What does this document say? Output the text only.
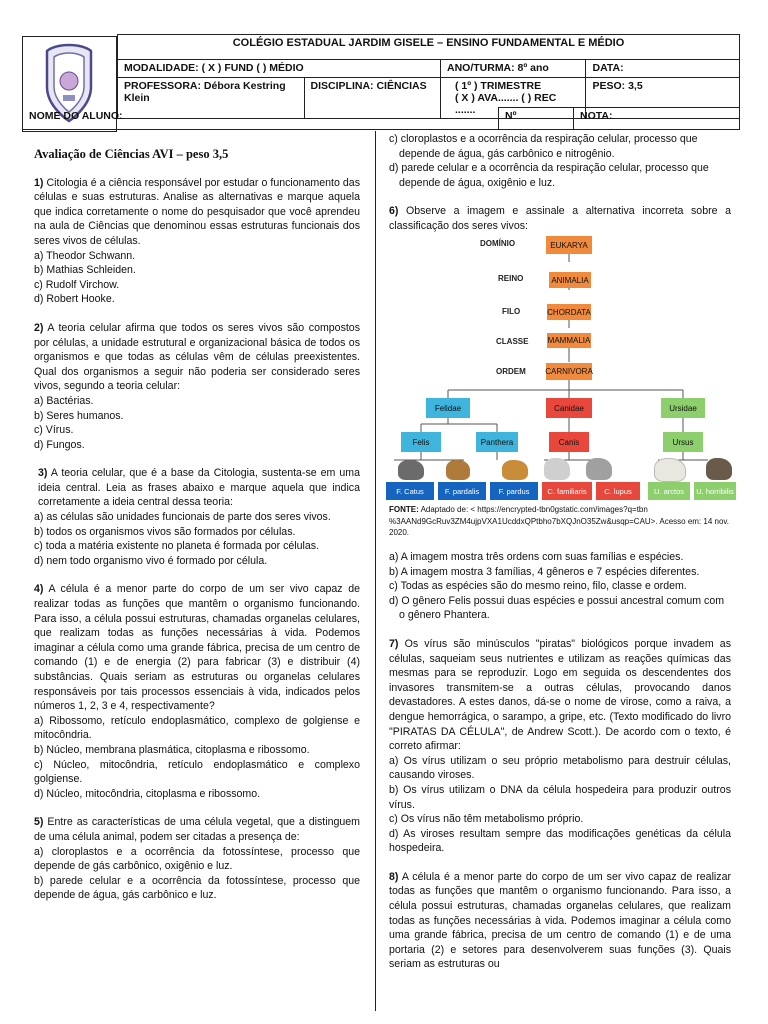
COLÉGIO ESTADUAL JARDIM GISELE – ENSINO FUNDAMENTAL E MÉDIO			
MODALIDADE: ( X ) FUND ( ) MÉDIO		ANO/TURMA: 8º ano	DATA:
PROFESSORA: Débora Kestring Klein	DISCIPLINA: CIÊNCIAS	( 1º ) TRIMESTRE
( X ) AVA....... ( ) REC .......	PESO: 3,5
NOME DO ALUNO:	Nº	NOTA:

Avaliação de Ciências AVI – peso 3,5

1) Citologia é a ciência responsável por estudar o funcionamento das células e suas estruturas. Analise as alternativas e marque aquela que indica corretamente o nome do pesquisador que você aprendeu na aula de Ciências que denominou essas estruturas funcionais dos seres vivos de células.

a) Theodor Schwann.

b) Mathias Schleiden.

c) Rudolf Virchow.

d) Robert Hooke.

2) A teoria celular afirma que todos os seres vivos são compostos por células, a unidade estrutural e organizacional básica de todos os organismos e que todas as células vêm de células preexistentes. Qual dos organismos a seguir não poderia ser considerado seres vivos, segundo a teoria celular:

a) Bactérias.

b) Seres humanos.

c) Vírus.

d) Fungos.

3) A teoria celular, que é a base da Citologia, sustenta-se em uma ideia central. Leia as frases abaixo e marque aquela que indica corretamente a ideia central dessa teoria:

a) as células são unidades funcionais de parte dos seres vivos.

b) todos os organismos vivos são formados por células.

c) toda a matéria existente no planeta é formada por células.

d) nem todo organismo vivo é formado por célula.

4) A célula é a menor parte do corpo de um ser vivo capaz de realizar todas as funções que mantêm o organismo funcionando. Para isso, a célula possui estruturas, chamadas organelas celulares, que realizam todas as funções necessárias à vida. Podemos imaginar a célula como uma grande fábrica, precisa de um centro de comando (1) e de energia (2) para fabricar (3) e distribuir (4) substâncias. Quais seriam as estruturas ou organelas celulares responsáveis por tais processos essenciais à vida, indicados pelos números 1, 2, 3 e 4, respectivamente?

a) Ribossomo, retículo endoplasmático, complexo de golgiense e mitocôndria.

b) Núcleo, membrana plasmática, citoplasma e ribossomo.

c) Núcleo, mitocôndria, retículo endoplasmático e complexo golgiense.

d) Núcleo, mitocôndria, citoplasma e ribossomo.

5) Entre as características de uma célula vegetal, que a distinguem de uma célula animal, podem ser citadas a presença de:

a) cloroplastos e a ocorrência da fotossíntese, processo que depende de gás carbônico, oxigênio e luz.

b) parede celular e a ocorrência da fotossíntese, processo que depende de água, gás carbônico e luz.

c) cloroplastos e a ocorrência da respiração celular, processo que depende de água, gás carbônico e nitrogênio.

d) parede celular e a ocorrência da respiração celular, processo que depende de água, oxigênio e luz.

6) Observe a imagem e assinale a alternativa incorreta sobre a classificação dos seres vivos:

DOMÍNIO
REINO
FILO
CLASSE
ORDEM
EUKARYA
ANIMALIA
CHORDATA
MAMMALIA
CARNIVORA
Felidae	Canidae	Ursidae
Felis	Panthera	Canis	Ursus
F. Catus	F. pardalis	F. pardus	C. familiaris	C. lupus	U. arctos	U. horribilis

FONTE: Adaptado de: < https://encrypted-tbn0gstatic.com/images?q=tbn %3AANd9GcRuv3ZM4ujpVXA1UcddxQPtbho7bXQJnO35Zw&usqp=CAU>. Acesso em: 14 nov. 2020.

a) A imagem mostra três ordens com suas famílias e espécies.

b) A imagem mostra 3 famílias, 4 gêneros e 7 espécies diferentes.

c) Todas as espécies são do mesmo reino, filo, classe e ordem.

d) O gênero Felis possui duas espécies e possui ancestral comum com o gênero Phantera.

7) Os vírus são minúsculos "piratas" biológicos porque invadem as células, saqueiam seus nutrientes e utilizam as reações químicas das mesmas para se reproduzir. Logo em seguida os descendentes dos invasores transmitem-se a outras células, provocando danos devastadores. A estes danos, dá-se o nome de virose, como a raiva, a dengue hemorrágica, o sarampo, a gripe, etc. (Texto modificado do livro "PIRATAS DA CÉLULA", de Andrew Scott.). De acordo com o texto, é correto afirmar:

a) Os vírus utilizam o seu próprio metabolismo para destruir células, causando viroses.

b) Os vírus utilizam o DNA da célula hospedeira para produzir outros vírus.

c) Os vírus não têm metabolismo próprio.

d) As viroses resultam sempre das modificações genéticas da célula hospedeira.

8) A célula é a menor parte do corpo de um ser vivo capaz de realizar todas as funções que mantêm o organismo funcionando. Para isso, a célula possui estruturas, chamadas organelas celulares, que realizam todas as funções necessárias à vida. Podemos imaginar a célula como uma grande fábrica, precisa de um centro de comando (1) e de uma portaria (2) e setores para desenvolverem suas funções (3). Quais seriam as estruturas ou
